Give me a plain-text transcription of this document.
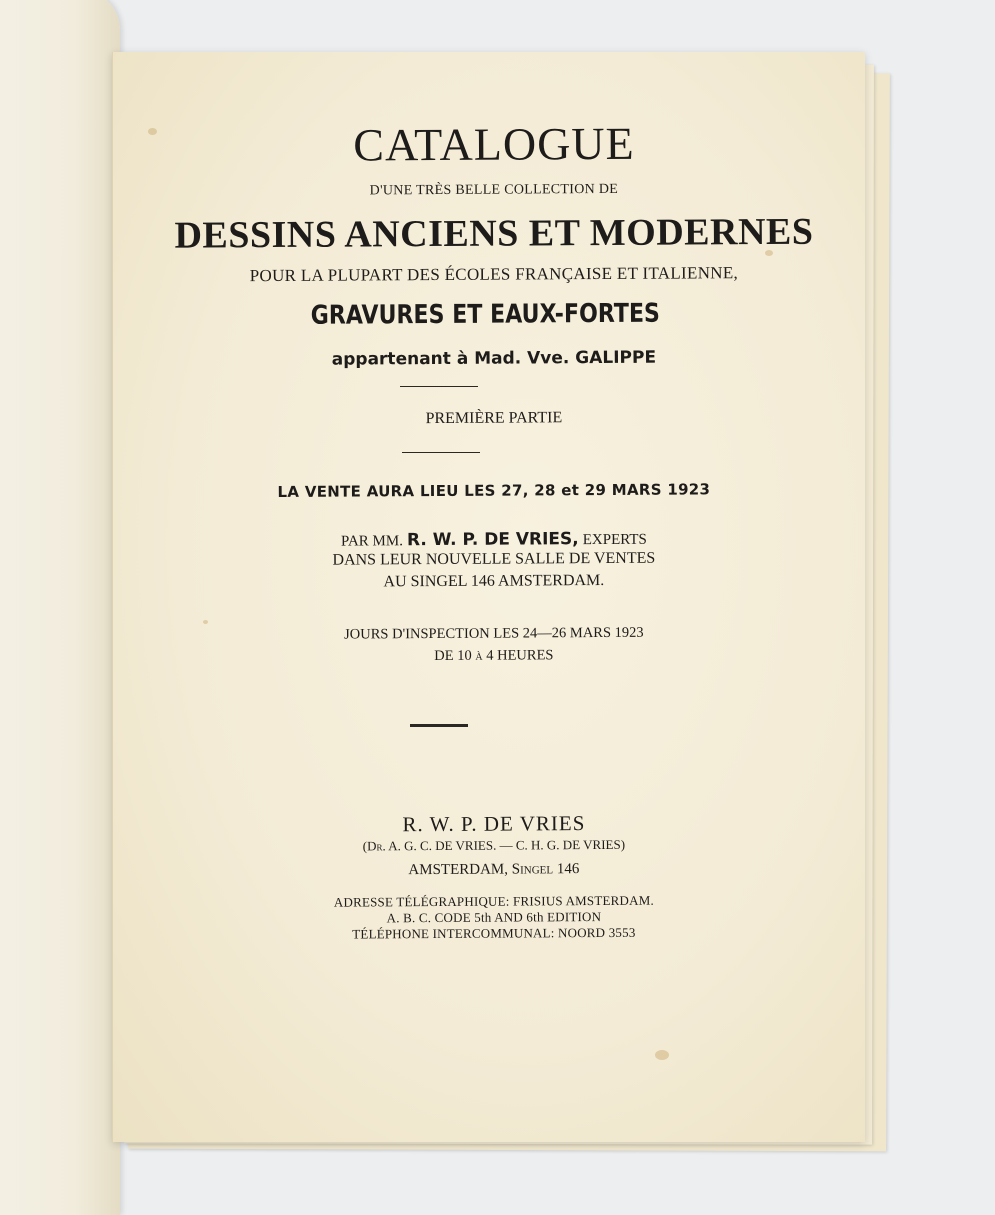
CATALOGUE
D'UNE TRÈS BELLE COLLECTION DE
DESSINS ANCIENS ET MODERNES
POUR LA PLUPART DES ÉCOLES FRANÇAISE ET ITALIENNE,
GRAVURES ET EAUX-FORTES
appartenant à Mad. Vve. GALIPPE
PREMIÈRE PARTIE
LA VENTE AURA LIEU LES 27, 28 et 29 MARS 1923
PAR MM. R. W. P. DE VRIES, EXPERTS
DANS LEUR NOUVELLE SALLE DE VENTES
AU SINGEL 146 AMSTERDAM.
JOURS D'INSPECTION LES 24—26 MARS 1923
DE 10 à 4 HEURES
R. W. P. DE VRIES
(Dr. A. G. C. DE VRIES. — C. H. G. DE VRIES)
AMSTERDAM, Singel 146
ADRESSE TÉLÉGRAPHIQUE: FRISIUS AMSTERDAM.
A. B. C. CODE 5th AND 6th EDITION
TÉLÉPHONE INTERCOMMUNAL: NOORD 3553
